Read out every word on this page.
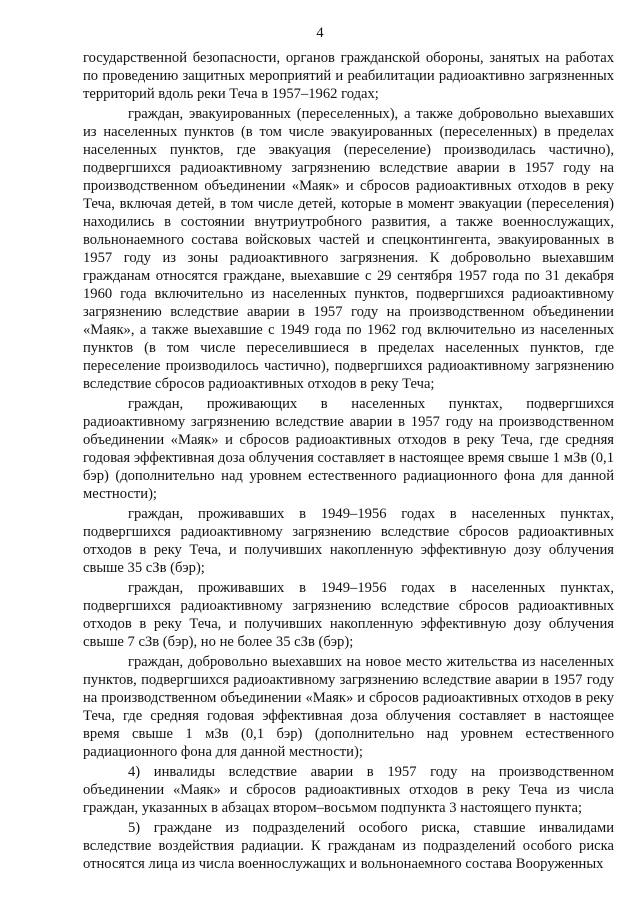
4

государственной безопасности, органов гражданской обороны, занятых на работах по проведению защитных мероприятий и реабилитации радиоактивно загрязненных территорий вдоль реки Теча в 1957–1962 годах;

граждан, эвакуированных (переселенных), а также добровольно выехавших из населенных пунктов (в том числе эвакуированных (переселенных) в пределах населенных пунктов, где эвакуация (переселение) производилась частично), подвергшихся радиоактивному загрязнению вследствие аварии в 1957 году на производственном объединении «Маяк» и сбросов радиоактивных отходов в реку Теча, включая детей, в том числе детей, которые в момент эвакуации (переселения) находились в состоянии внутриутробного развития, а также военнослужащих, вольнонаемного состава войсковых частей и спецконтингента, эвакуированных в 1957 году из зоны радиоактивного загрязнения. К добровольно выехавшим гражданам относятся граждане, выехавшие с 29 сентября 1957 года по 31 декабря 1960 года включительно из населенных пунктов, подвергшихся радиоактивному загрязнению вследствие аварии в 1957 году на производственном объединении «Маяк», а также выехавшие с 1949 года по 1962 год включительно из населенных пунктов (в том числе переселившиеся в пределах населенных пунктов, где переселение производилось частично), подвергшихся радиоактивному загрязнению вследствие сбросов радиоактивных отходов в реку Теча;

граждан, проживающих в населенных пунктах, подвергшихся радиоактивному загрязнению вследствие аварии в 1957 году на производственном объединении «Маяк» и сбросов радиоактивных отходов в реку Теча, где средняя годовая эффективная доза облучения составляет в настоящее время свыше 1 мЗв (0,1 бэр) (дополнительно над уровнем естественного радиационного фона для данной местности);

граждан, проживавших в 1949–1956 годах в населенных пунктах, подвергшихся радиоактивному загрязнению вследствие сбросов радиоактивных отходов в реку Теча, и получивших накопленную эффективную дозу облучения свыше 35 сЗв (бэр);

граждан, проживавших в 1949–1956 годах в населенных пунктах, подвергшихся радиоактивному загрязнению вследствие сбросов радиоактивных отходов в реку Теча, и получивших накопленную эффективную дозу облучения свыше 7 сЗв (бэр), но не более 35 сЗв (бэр);

граждан, добровольно выехавших на новое место жительства из населенных пунктов, подвергшихся радиоактивному загрязнению вследствие аварии в 1957 году на производственном объединении «Маяк» и сбросов радиоактивных отходов в реку Теча, где средняя годовая эффективная доза облучения составляет в настоящее время свыше 1 мЗв (0,1 бэр) (дополнительно над уровнем естественного радиационного фона для данной местности);

4) инвалиды вследствие аварии в 1957 году на производственном объединении «Маяк» и сбросов радиоактивных отходов в реку Теча из числа граждан, указанных в абзацах втором–восьмом подпункта 3 настоящего пункта;

5) граждане из подразделений особого риска, ставшие инвалидами вследствие воздействия радиации. К гражданам из подразделений особого риска относятся лица из числа военнослужащих и вольнонаемного состава Вооруженных
